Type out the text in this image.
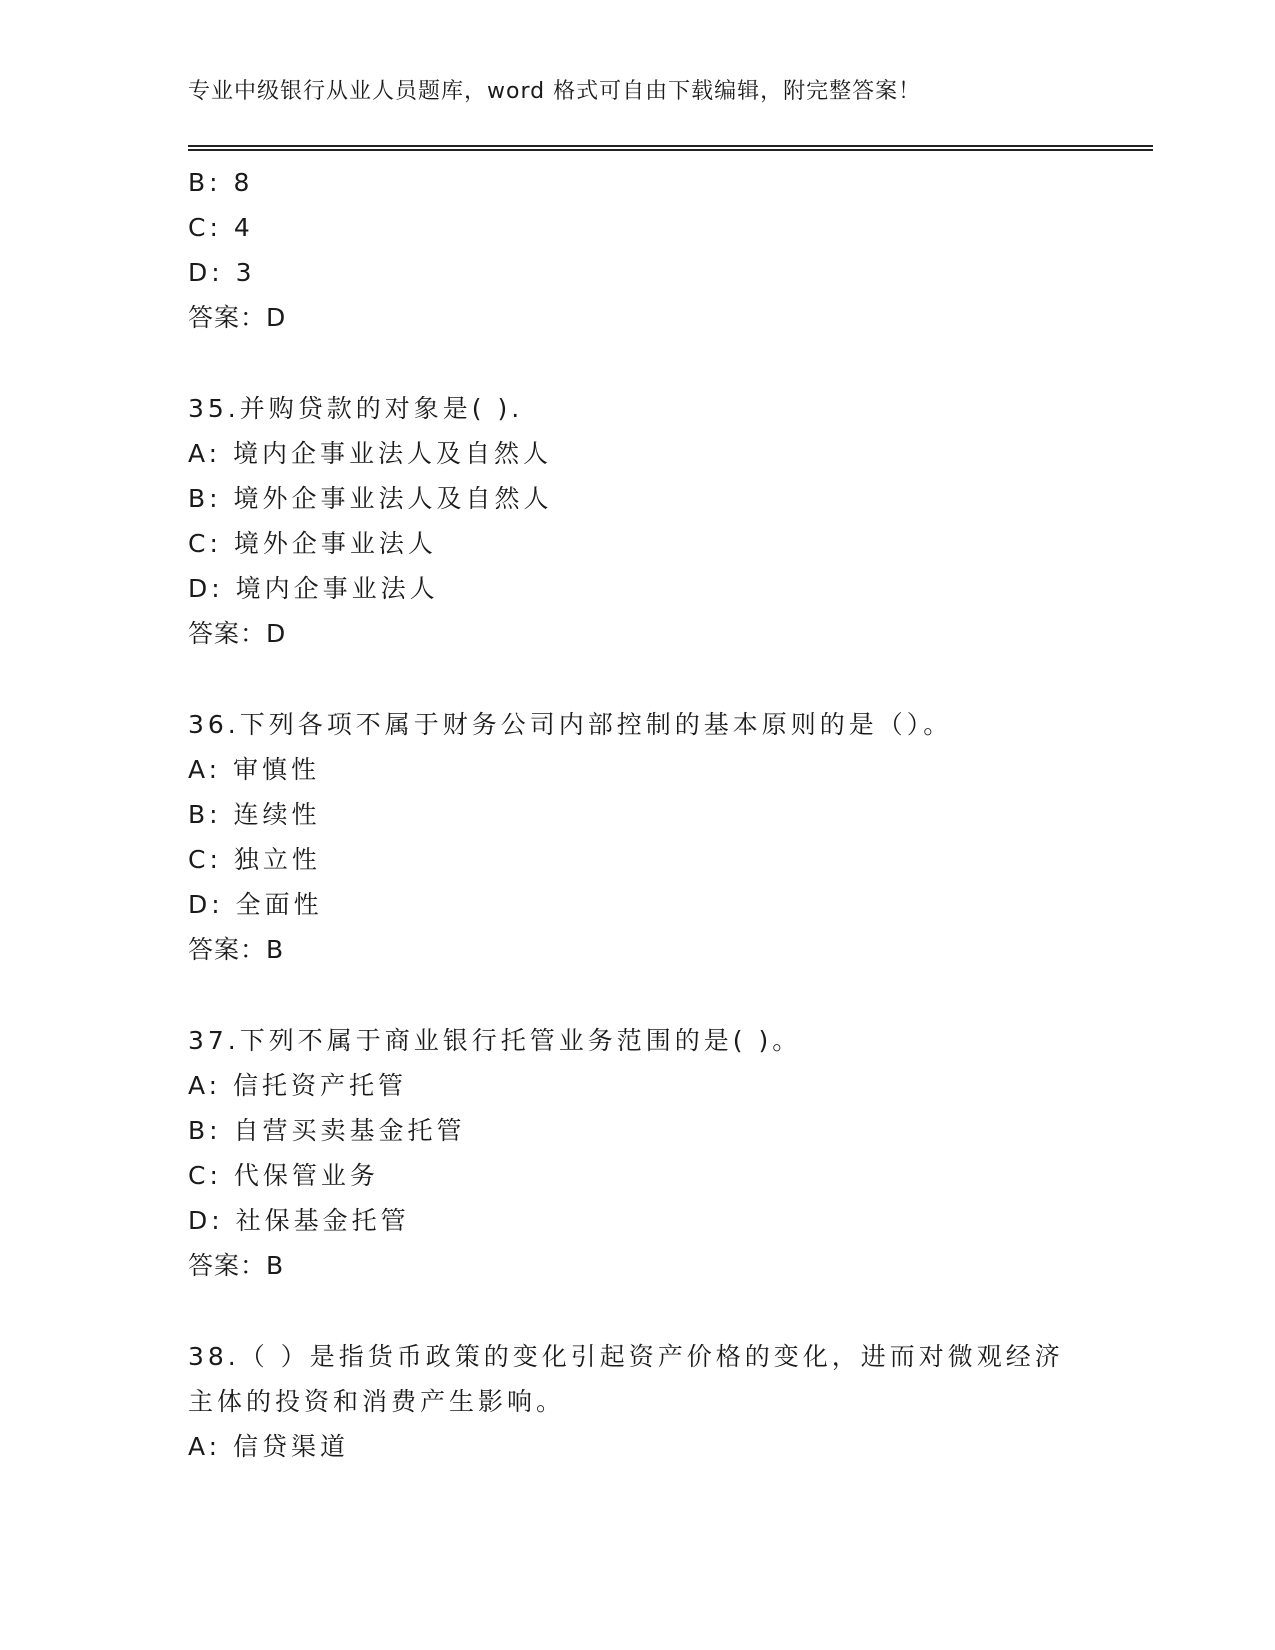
专业中级银行从业人员题库，word 格式可自由下载编辑，附完整答案！
B: 8
C: 4
D: 3
答案：D
35.并购贷款的对象是( ).
A: 境内企事业法人及自然人
B: 境外企事业法人及自然人
C: 境外企事业法人
D: 境内企事业法人
答案：D
36.下列各项不属于财务公司内部控制的基本原则的是（）。
A: 审慎性
B: 连续性
C: 独立性
D: 全面性
答案：B
37.下列不属于商业银行托管业务范围的是( )。
A: 信托资产托管
B: 自营买卖基金托管
C: 代保管业务
D: 社保基金托管
答案：B
38.（ ）是指货币政策的变化引起资产价格的变化，进而对微观经济
主体的投资和消费产生影响。
A: 信贷渠道
